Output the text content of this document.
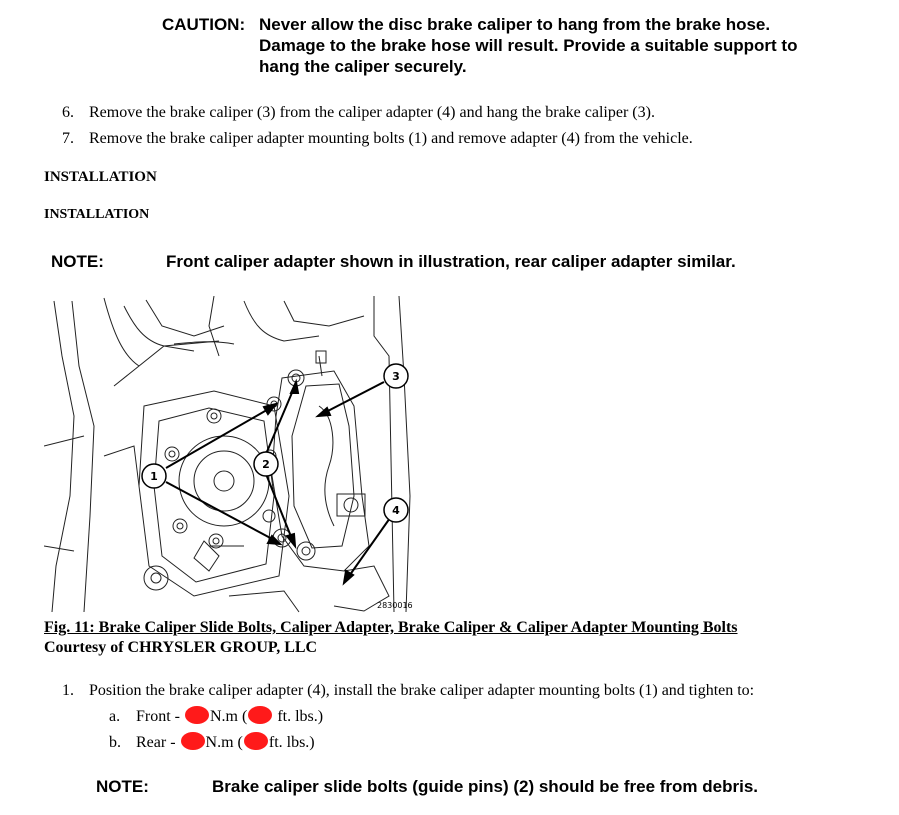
CAUTION: Never allow the disc brake caliper to hang from the brake hose.
Damage to the brake hose will result. Provide a suitable support to
hang the caliper securely.
6. Remove the brake caliper (3) from the caliper adapter (4) and hang the brake caliper (3).
7. Remove the brake caliper adapter mounting bolts (1) and remove adapter (4) from the vehicle.
INSTALLATION
INSTALLATION
NOTE:	Front caliper adapter shown in illustration, rear caliper adapter similar.
1
2
3
4
2830016
Fig. 11: Brake Caliper Slide Bolts, Caliper Adapter, Brake Caliper & Caliper Adapter Mounting Bolts
Courtesy of CHRYSLER GROUP, LLC
1. Position the brake caliper adapter (4), install the brake caliper adapter mounting bolts (1) and tighten to:
a. Front - N.m ( ft. lbs.)
b. Rear - N.m ( ft. lbs.)
NOTE:	Brake caliper slide bolts (guide pins) (2) should be free from debris.
